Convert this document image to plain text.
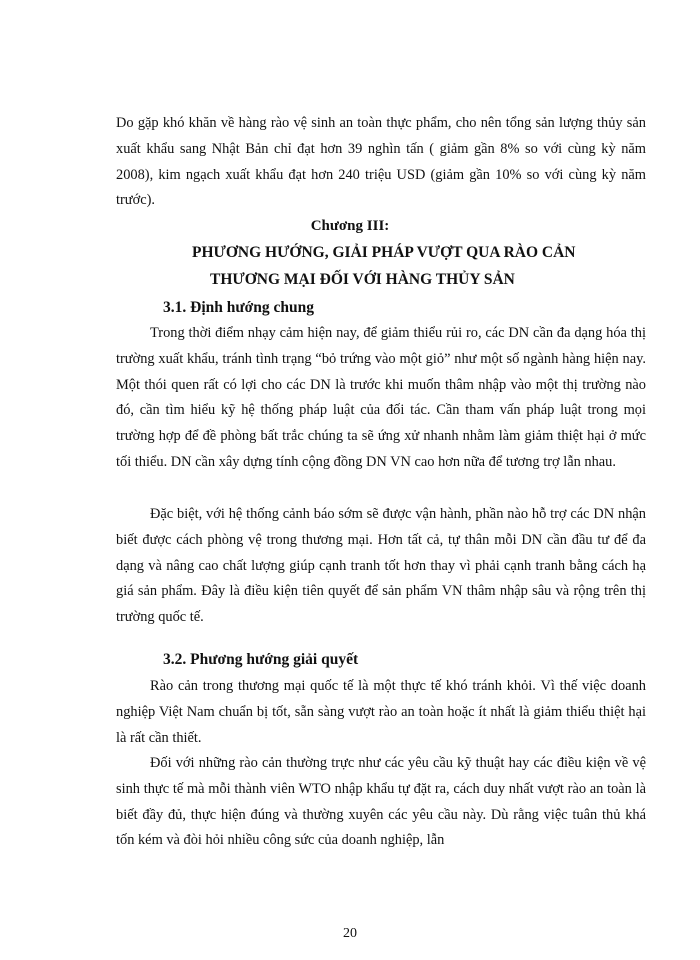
Do gặp khó khăn về hàng rào vệ sinh an toàn thực phẩm, cho nên tổng sản lượng thủy sản xuất khẩu sang Nhật Bản chỉ đạt hơn 39 nghìn tấn ( giảm gần 8% so với cùng kỳ năm 2008), kim ngạch xuất khẩu đạt hơn 240 triệu USD (giảm gần 10% so với cùng kỳ năm trước).

Chương III:

PHƯƠNG HƯỚNG, GIẢI PHÁP VƯỢT QUA RÀO CẢN

THƯƠNG MẠI ĐỐI VỚI HÀNG THỦY SẢN

3.1. Định hướng chung

Trong thời điểm nhạy cảm hiện nay, để giảm thiểu rủi ro, các DN cần đa dạng hóa thị trường xuất khẩu, tránh tình trạng “bỏ trứng vào một giỏ” như một số ngành hàng hiện nay. Một thói quen rất có lợi cho các DN là trước khi muốn thâm nhập vào một thị trường nào đó, cần tìm hiểu kỹ hệ thống pháp luật của đối tác. Cần tham vấn pháp luật trong mọi trường hợp để đề phòng bất trắc chúng ta sẽ ứng xử nhanh nhằm làm giảm thiệt hại ở mức tối thiểu. DN cần xây dựng tính cộng đồng DN VN cao hơn nữa để tương trợ lẫn nhau.

Đặc biệt, với hệ thống cảnh báo sớm sẽ được vận hành, phần nào hỗ trợ các DN nhận biết được cách phòng vệ trong thương mại. Hơn tất cả, tự thân mỗi DN cần đầu tư để đa dạng và nâng cao chất lượng giúp cạnh tranh tốt hơn thay vì phải cạnh tranh bằng cách hạ giá sản phẩm. Đây là điều kiện tiên quyết để sản phẩm VN thâm nhập sâu và rộng trên thị trường quốc tế.

3.2. Phương hướng giải quyết

Rào cản trong thương mại quốc tế là một thực tế khó tránh khỏi. Vì thế việc doanh nghiệp Việt Nam chuẩn bị tốt, sẵn sàng vượt rào an toàn hoặc ít nhất là giảm thiểu thiệt hại là rất cần thiết.

Đối với những rào cản thường trực như các yêu cầu kỹ thuật hay các điều kiện về vệ sinh thực tế mà mỗi thành viên WTO nhập khẩu tự đặt ra, cách duy nhất vượt rào an toàn là biết đầy đủ, thực hiện đúng và thường xuyên các yêu cầu này. Dù rằng việc tuân thủ khá tốn kém và đòi hỏi nhiều công sức của doanh nghiệp, lẫn

20
